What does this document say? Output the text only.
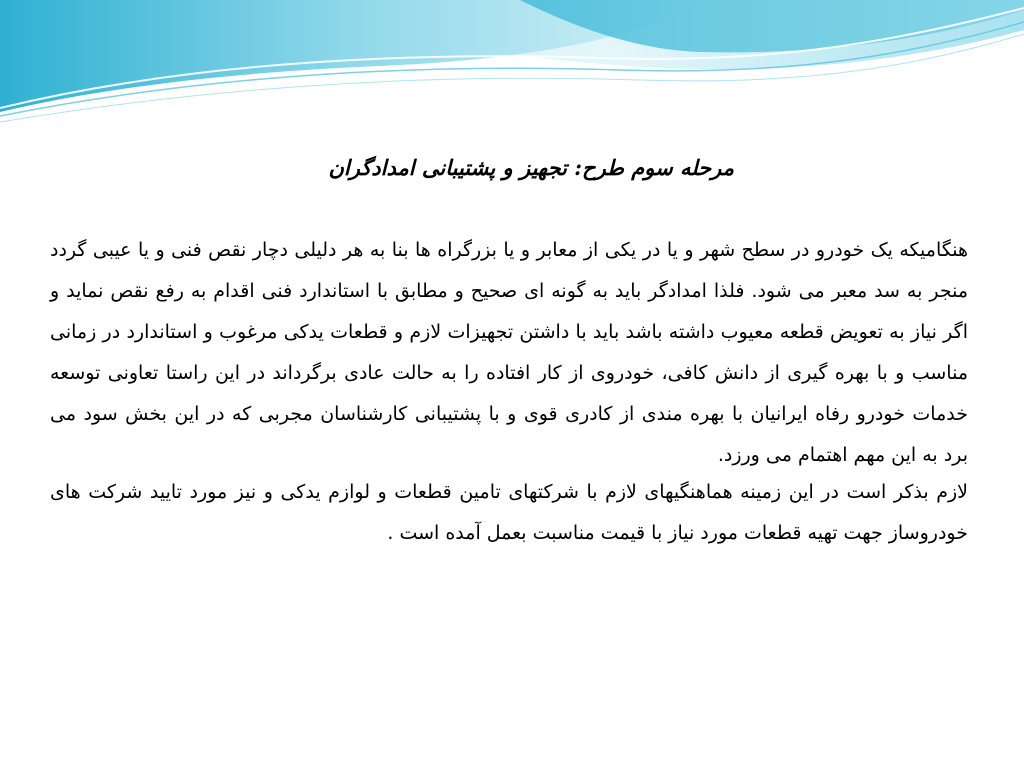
مرحله سوم طرح: تجهیز و پشتیبانی امدادگران

هنگامیکه یک خودرو در سطح شهر و یا در یکی از معابر و یا بزرگراه ها بنا به هر دلیلی دچار نقص فنی و یا عیبی گردد منجر به سد معبر می شود. فلذا امدادگر باید به گونه ای صحیح و مطابق با استاندارد فنی اقدام به رفع نقص نماید و اگر نیاز به تعویض قطعه معیوب داشته باشد باید با داشتن تجهیزات لازم و قطعات یدکی مرغوب و استاندارد در زمانی مناسب و با بهره گیری از دانش کافی، خودروی از کار افتاده را به حالت عادی برگرداند در این راستا تعاونی توسعه خدمات خودرو رفاه ایرانیان با بهره مندی از کادری قوی و با پشتیبانی کارشناسان مجربی که در این بخش سود می برد به این مهم اهتمام می ورزد.

لازم بذکر است در این زمینه هماهنگیهای لازم با شرکتهای تامین قطعات و لوازم یدکی و نیز مورد تایید شرکت های خودروساز جهت تهیه قطعات مورد نیاز با قیمت مناسبت بعمل آمده است .
